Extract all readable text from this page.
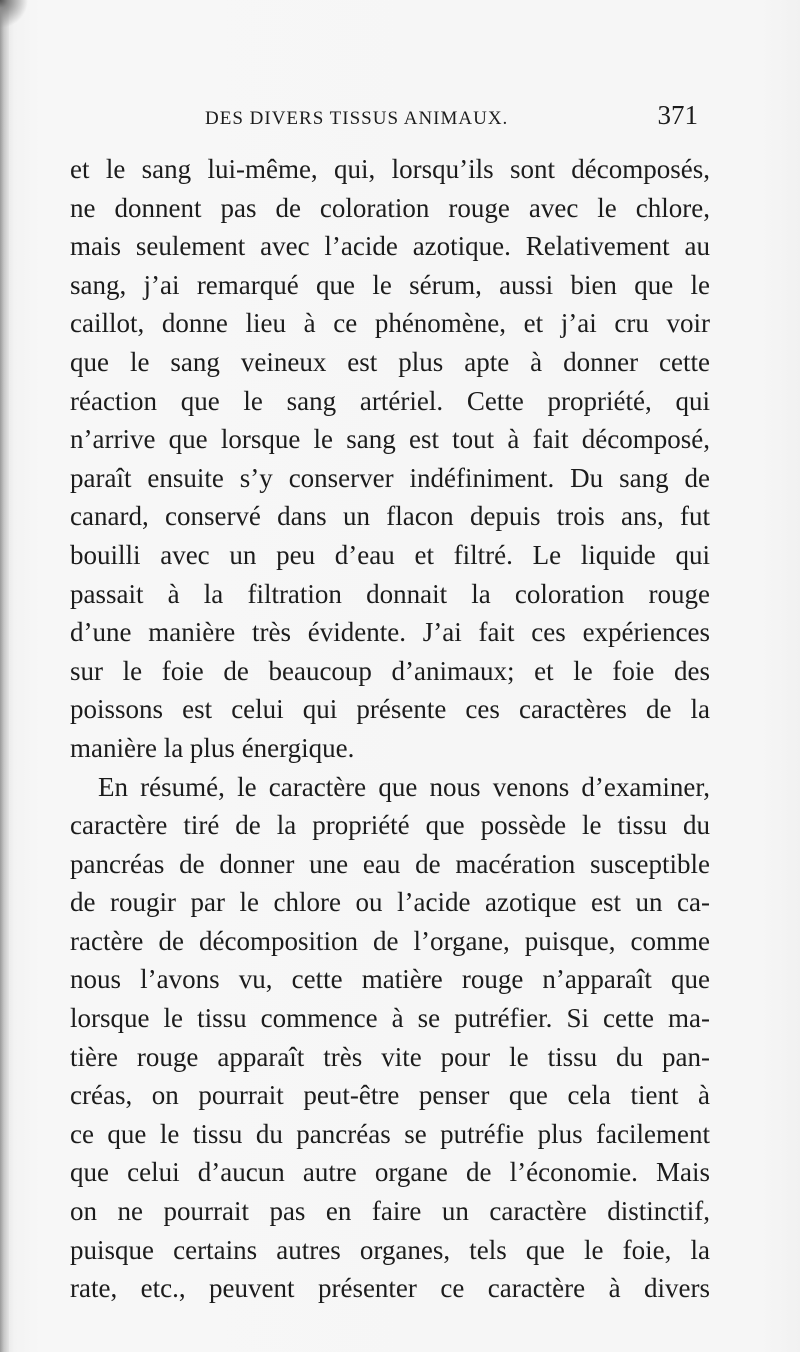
DES DIVERS TISSUS ANIMAUX.	371
et le sang lui-même, qui, lorsqu’ils sont décomposés,
ne donnent pas de coloration rouge avec le chlore,
mais seulement avec l’acide azotique. Relativement au
sang, j’ai remarqué que le sérum, aussi bien que le
caillot, donne lieu à ce phénomène, et j’ai cru voir
que le sang veineux est plus apte à donner cette
réaction que le sang artériel. Cette propriété, qui
n’arrive que lorsque le sang est tout à fait décomposé,
paraît ensuite s’y conserver indéfiniment. Du sang de
canard, conservé dans un flacon depuis trois ans, fut
bouilli avec un peu d’eau et filtré. Le liquide qui
passait à la filtration donnait la coloration rouge
d’une manière très évidente. J’ai fait ces expériences
sur le foie de beaucoup d’animaux; et le foie des
poissons est celui qui présente ces caractères de la
manière la plus énergique.
En résumé, le caractère que nous venons d’examiner,
caractère tiré de la propriété que possède le tissu du
pancréas de donner une eau de macération susceptible
de rougir par le chlore ou l’acide azotique est un ca-
ractère de décomposition de l’organe, puisque, comme
nous l’avons vu, cette matière rouge n’apparaît que
lorsque le tissu commence à se putréfier. Si cette ma-
tière rouge apparaît très vite pour le tissu du pan-
créas, on pourrait peut-être penser que cela tient à
ce que le tissu du pancréas se putréfie plus facilement
que celui d’aucun autre organe de l’économie. Mais
on ne pourrait pas en faire un caractère distinctif,
puisque certains autres organes, tels que le foie, la
rate, etc., peuvent présenter ce caractère à divers
